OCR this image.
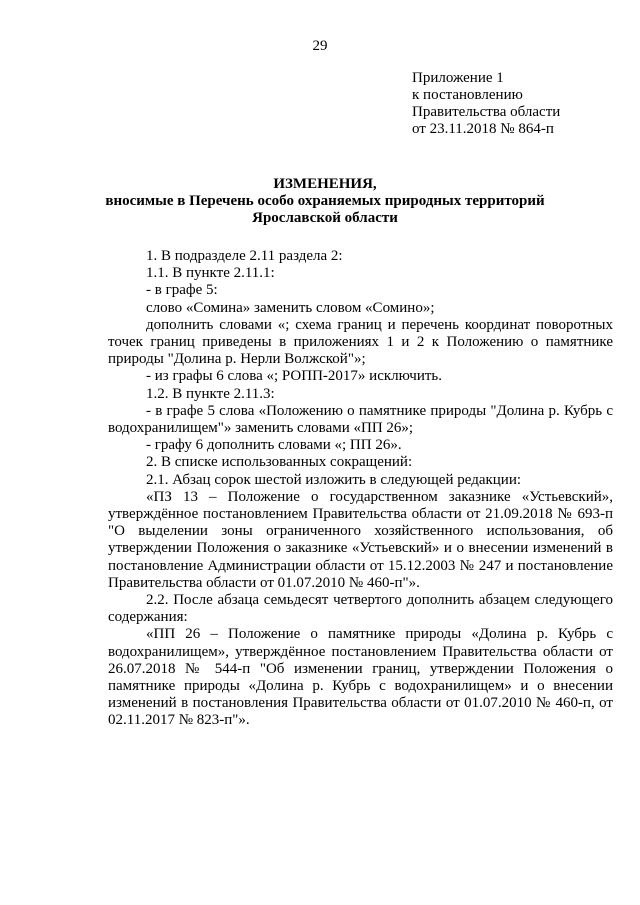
29
Приложение 1
к постановлению
Правительства области
от 23.11.2018 № 864-п
ИЗМЕНЕНИЯ,
вносимые в Перечень особо охраняемых природных территорий
Ярославской области

1. В подразделе 2.11 раздела 2:

1.1. В пункте 2.11.1:

- в графе 5:

слово «Сомина» заменить словом «Сомино»;

дополнить словами «; схема границ и перечень координат поворотных точек границ приведены в приложениях 1 и 2 к Положению о памятнике природы "Долина р. Нерли Волжской"»;

- из графы 6 слова «; РОПП-2017» исключить.

1.2. В пункте 2.11.3:

- в графе 5 слова «Положению о памятнике природы "Долина р. Кубрь с водохранилищем"» заменить словами «ПП 26»;

- графу 6 дополнить словами «; ПП 26».

2. В списке использованных сокращений:

2.1. Абзац сорок шестой изложить в следующей редакции:

«ПЗ 13 – Положение о государственном заказнике «Устьевский», утверждённое постановлением Правительства области от 21.09.2018 № 693-п "О выделении зоны ограниченного хозяйственного использования, об утверждении Положения о заказнике «Устьевский» и о внесении изменений в постановление Администрации области от 15.12.2003 № 247 и постановление Правительства области от 01.07.2010 № 460-п"».

2.2. После абзаца семьдесят четвертого дополнить абзацем следующего содержания:

«ПП 26 – Положение о памятнике природы «Долина р. Кубрь с водохранилищем», утверждённое постановлением Правительства области от 26.07.2018 № 544-п "Об изменении границ, утверждении Положения о памятнике природы «Долина р. Кубрь с водохранилищем» и о внесении изменений в постановления Правительства области от 01.07.2010 № 460-п, от 02.11.2017 № 823-п"».
